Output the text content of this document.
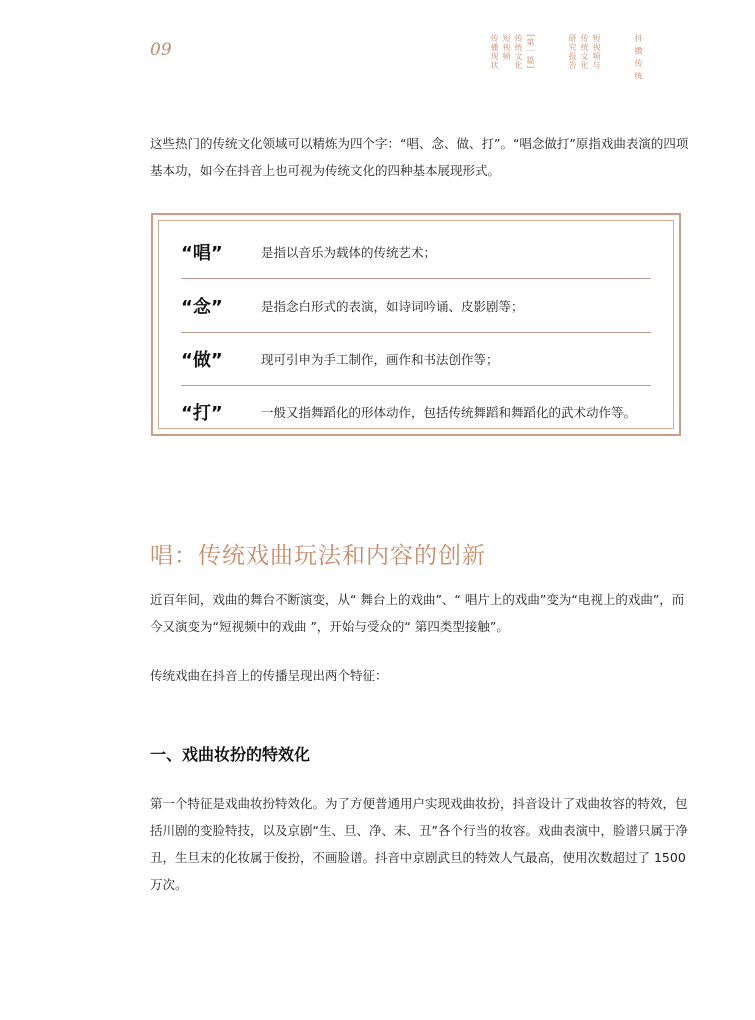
09	抖 擞 传 统
短视频与
传统文化
研究报告
[第一篇]
传统文化
短视频
传播现状
这些热门的传统文化领域可以精炼为四个字：“唱、念、做、打”。“唱念做打”原指戏曲表演的四项基本功，如今在抖音上也可视为传统文化的四种基本展现形式。
“唱”	是指以音乐为载体的传统艺术；
“念”	是指念白形式的表演，如诗词吟诵、皮影剧等；
“做”	现可引申为手工制作，画作和书法创作等；
“打”	一般又指舞蹈化的形体动作，包括传统舞蹈和舞蹈化的武术动作等。
唱：传统戏曲玩法和内容的创新
近百年间，戏曲的舞台不断演变，从“ 舞台上的戏曲”、“ 唱片上的戏曲”变为“电视上的戏曲”，而今又演变为“短视频中的戏曲 ”，开始与受众的“ 第四类型接触”。
传统戏曲在抖音上的传播呈现出两个特征：
一、戏曲妆扮的特效化
第一个特征是戏曲妆扮特效化。为了方便普通用户实现戏曲妆扮，抖音设计了戏曲妆容的特效，包括川剧的变脸特技，以及京剧“生、旦、净、末、丑”各个行当的妆容。戏曲表演中，脸谱只属于净丑，生旦末的化妆属于俊扮，不画脸谱。抖音中京剧武旦的特效人气最高，使用次数超过了 1500 万次。
